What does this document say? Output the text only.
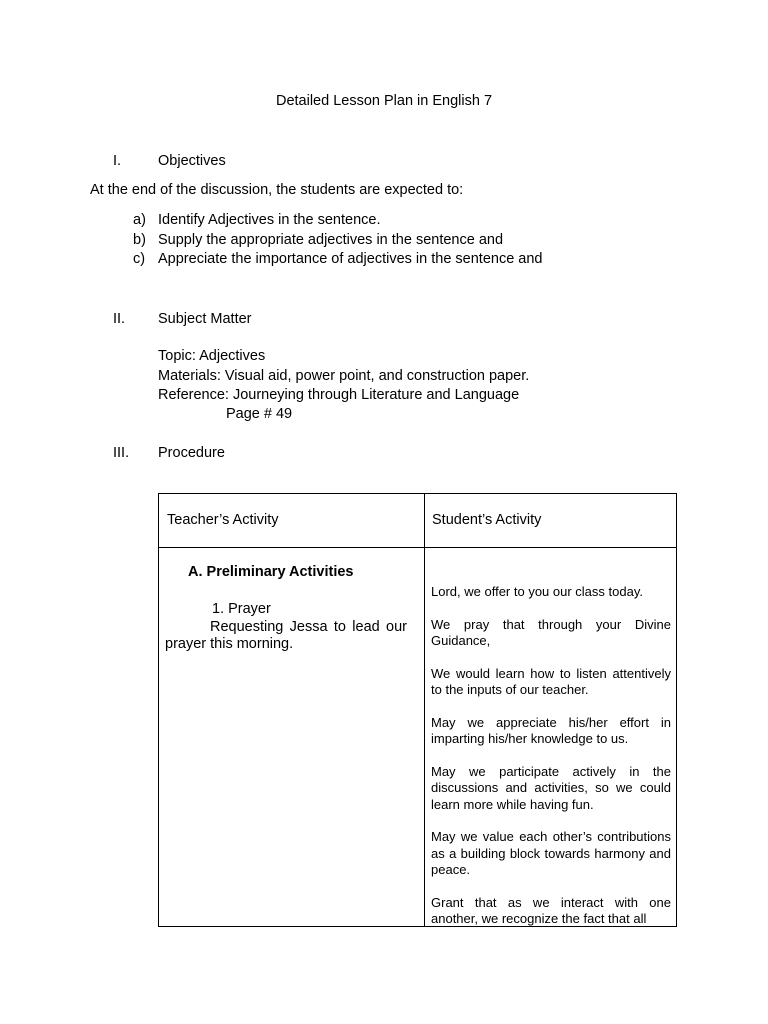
Detailed Lesson Plan in English 7
I.	Objectives
At the end of the discussion, the students are expected to:
a) Identify Adjectives in the sentence.
b) Supply the appropriate adjectives in the sentence and
c) Appreciate the importance of adjectives in the sentence and
II. Subject Matter
Topic: Adjectives
Materials: Visual aid, power point, and construction paper.
Reference: Journeying through Literature and Language
Page # 49
III. Procedure
Teacher’s Activity	Student’s Activity
A. Preliminary Activities
1. Prayer
Requesting Jessa to lead our prayer this morning.

Lord, we offer to you our class today.

We pray that through your Divine Guidance,

We would learn how to listen attentively to the inputs of our teacher.

May we appreciate his/her effort in imparting his/her knowledge to us.

May we participate actively in the discussions and activities, so we could learn more while having fun.

May we value each other’s contributions as a building block towards harmony and peace.

Grant that as we interact with one another, we recognize the fact that all
